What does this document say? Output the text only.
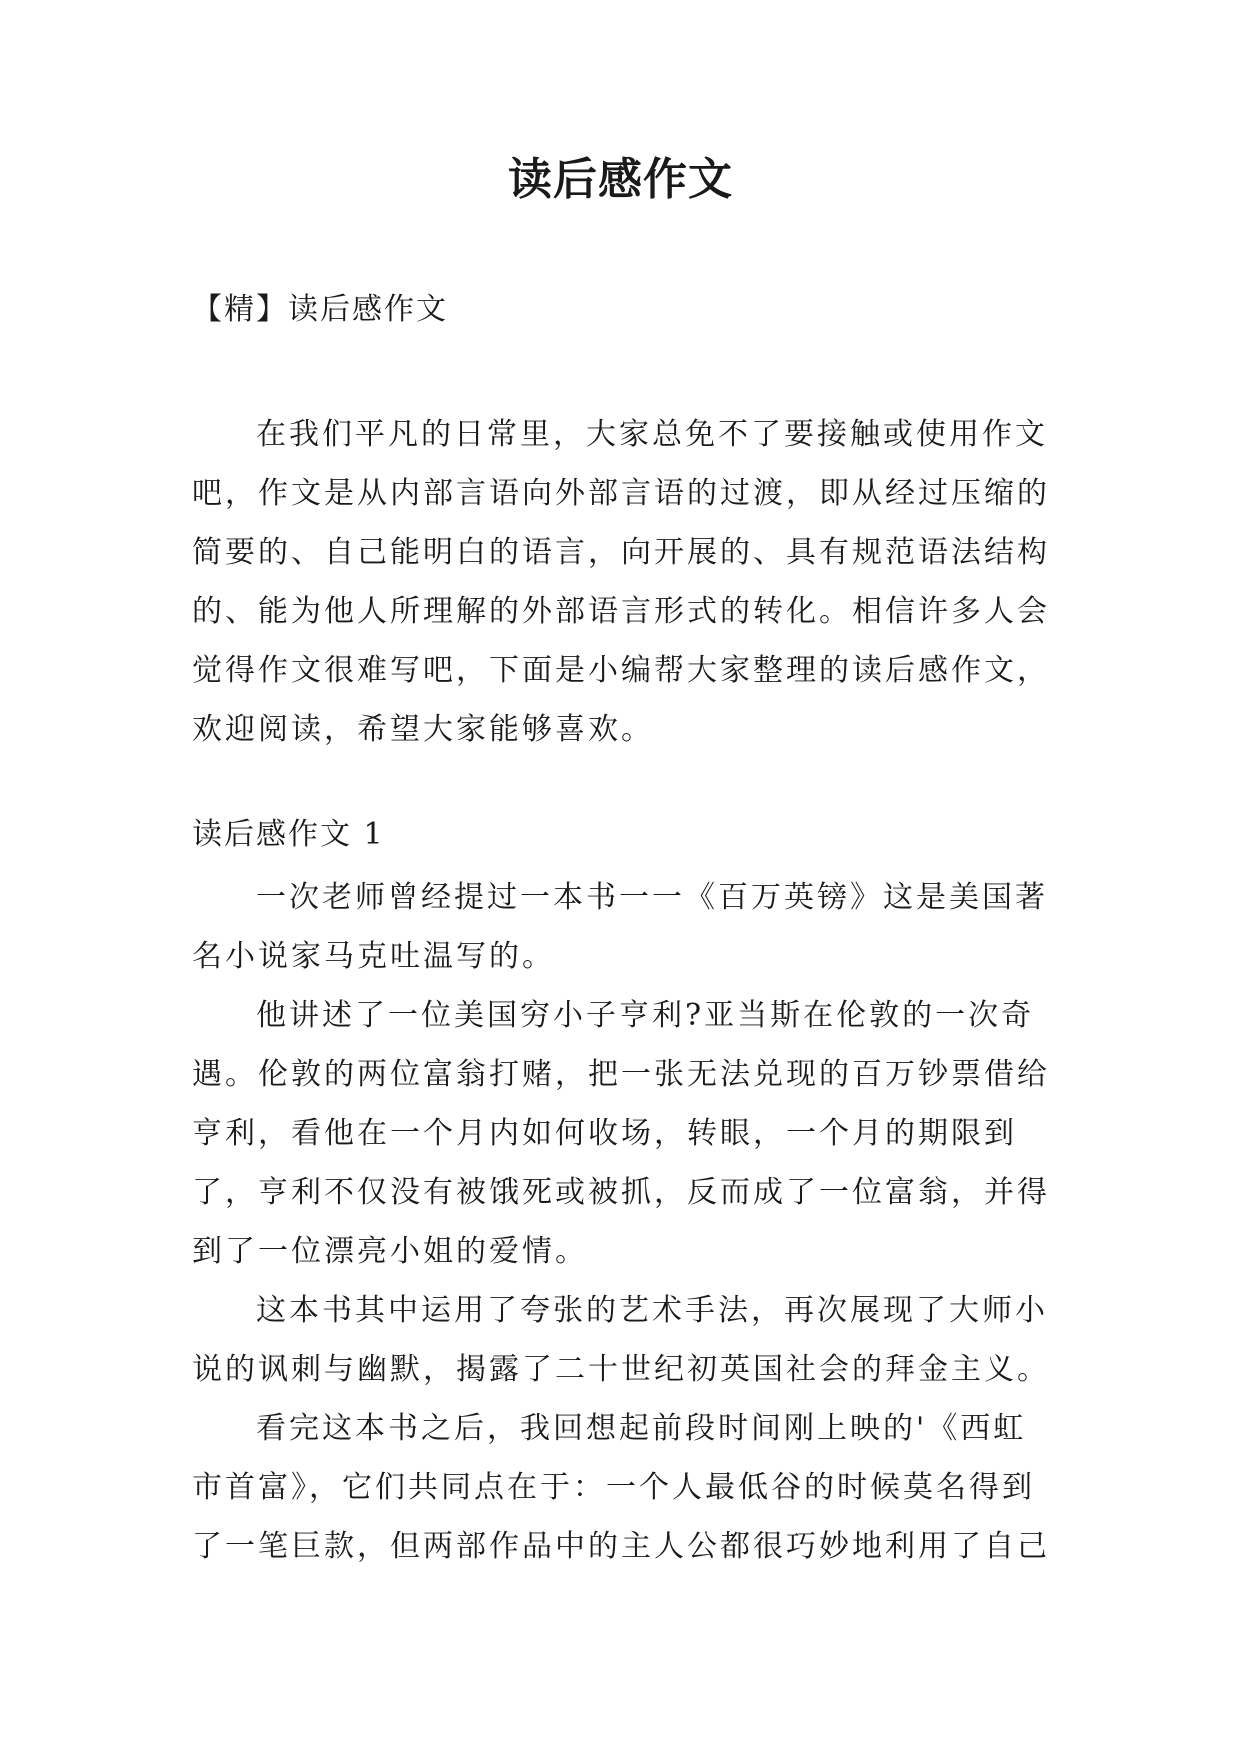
读后感作文
【精】读后感作文

在我们平凡的日常里，大家总免不了要接触或使用作文吧，作文是从内部言语向外部言语的过渡，即从经过压缩的简要的、自己能明白的语言，向开展的、具有规范语法结构的、能为他人所理解的外部语言形式的转化。相信许多人会觉得作文很难写吧，下面是小编帮大家整理的读后感作文，欢迎阅读，希望大家能够喜欢。

读后感作文 1

一次老师曾经提过一本书一一《百万英镑》这是美国著名小说家马克吐温写的。

他讲述了一位美国穷小子亨利?亚当斯在伦敦的一次奇遇。伦敦的两位富翁打赌，把一张无法兑现的百万钞票借给亨利，看他在一个月内如何收场，转眼，一个月的期限到了，亨利不仅没有被饿死或被抓，反而成了一位富翁，并得到了一位漂亮小姐的爱情。

这本书其中运用了夸张的艺术手法，再次展现了大师小说的讽刺与幽默，揭露了二十世纪初英国社会的拜金主义。

看完这本书之后，我回想起前段时间刚上映的'《西虹市首富》，它们共同点在于：一个人最低谷的时候莫名得到了一笔巨款，但两部作品中的主人公都很巧妙地利用了自己
